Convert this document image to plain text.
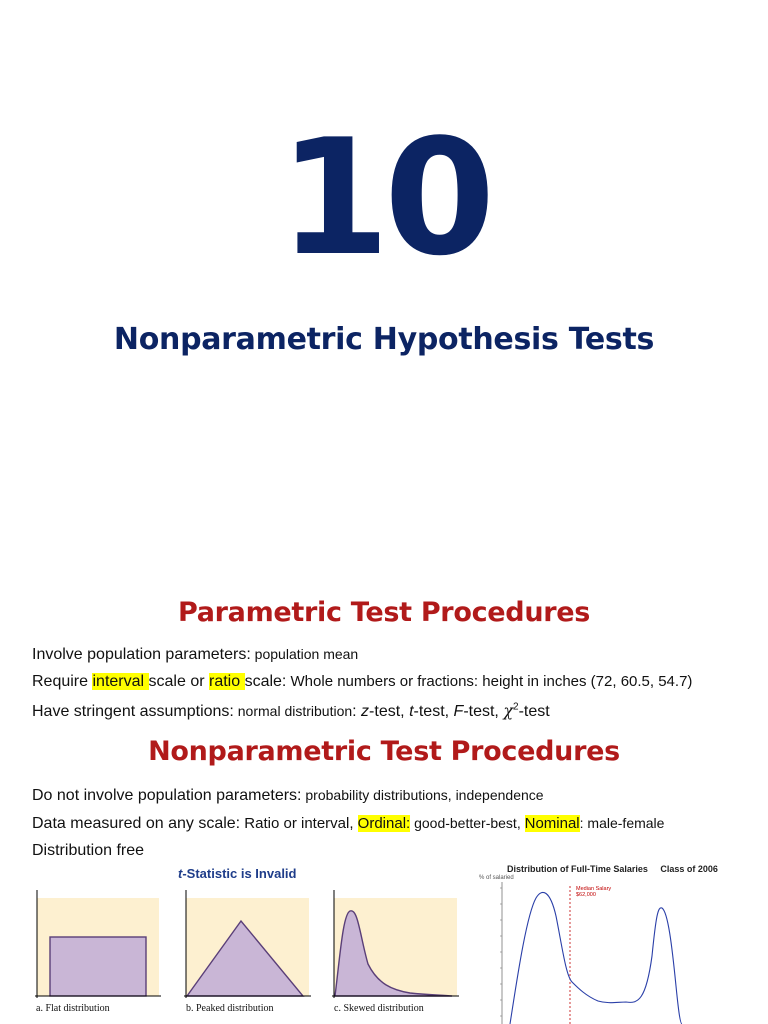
10
Nonparametric Hypothesis Tests
Parametric Test Procedures
Involve population parameters: population mean
Require interval scale or ratio scale: Whole numbers or fractions: height in inches (72, 60.5, 54.7)
Have stringent assumptions: normal distribution: z-test, t-test, F-test, $\chi^2$-test
Nonparametric Test Procedures
Do not involve population parameters: probability distributions, independence
Data measured on any scale: Ratio or interval, Ordinal: good-better-best, Nominal: male-female
Distribution free
t-Statistic is Invalid
a. Flat distribution	b. Peaked distribution	c. Skewed distribution
Distribution of Full-Time Salaries Class of 2006
% of salaried
Median Salary
$62,000
